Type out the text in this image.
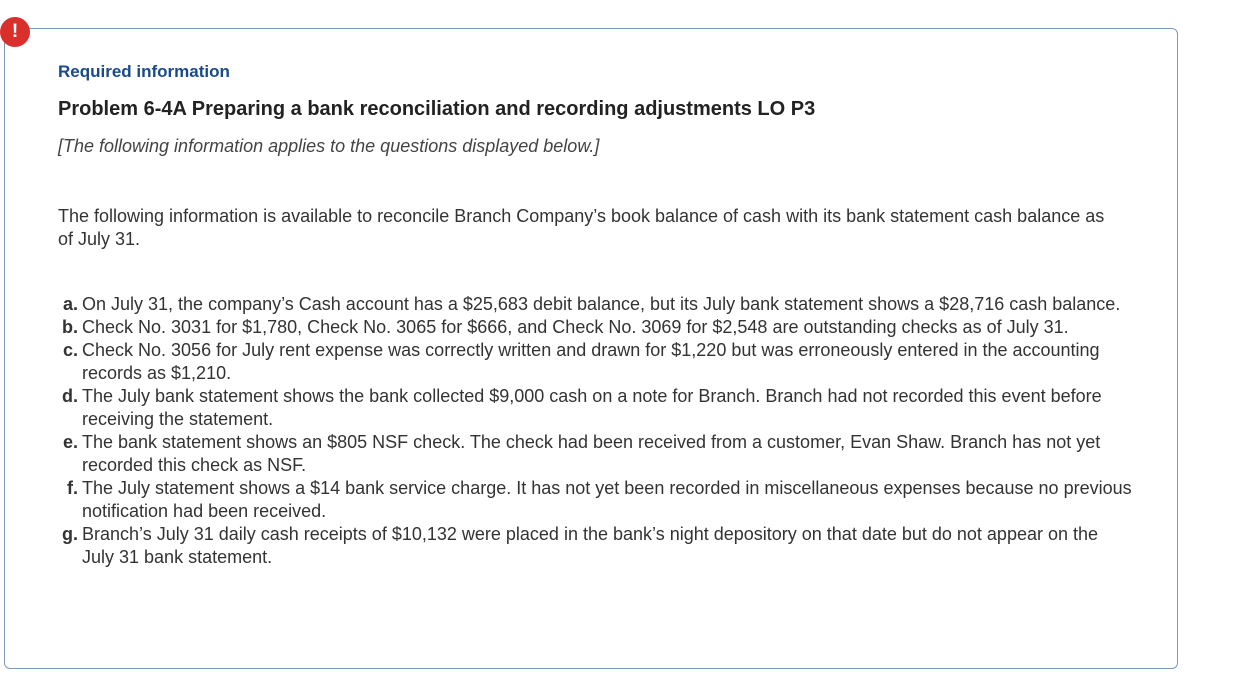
Required information
Problem 6-4A Preparing a bank reconciliation and recording adjustments LO P3
[The following information applies to the questions displayed below.]
The following information is available to reconcile Branch Company’s book balance of cash with its bank statement cash balance as of July 31.
a. On July 31, the company’s Cash account has a $25,683 debit balance, but its July bank statement shows a $28,716 cash balance.
b. Check No. 3031 for $1,780, Check No. 3065 for $666, and Check No. 3069 for $2,548 are outstanding checks as of July 31.
c. Check No. 3056 for July rent expense was correctly written and drawn for $1,220 but was erroneously entered in the accounting records as $1,210.
d. The July bank statement shows the bank collected $9,000 cash on a note for Branch. Branch had not recorded this event before receiving the statement.
e. The bank statement shows an $805 NSF check. The check had been received from a customer, Evan Shaw. Branch has not yet recorded this check as NSF.
f. The July statement shows a $14 bank service charge. It has not yet been recorded in miscellaneous expenses because no previous notification had been received.
g. Branch’s July 31 daily cash receipts of $10,132 were placed in the bank’s night depository on that date but do not appear on the July 31 bank statement.
!
